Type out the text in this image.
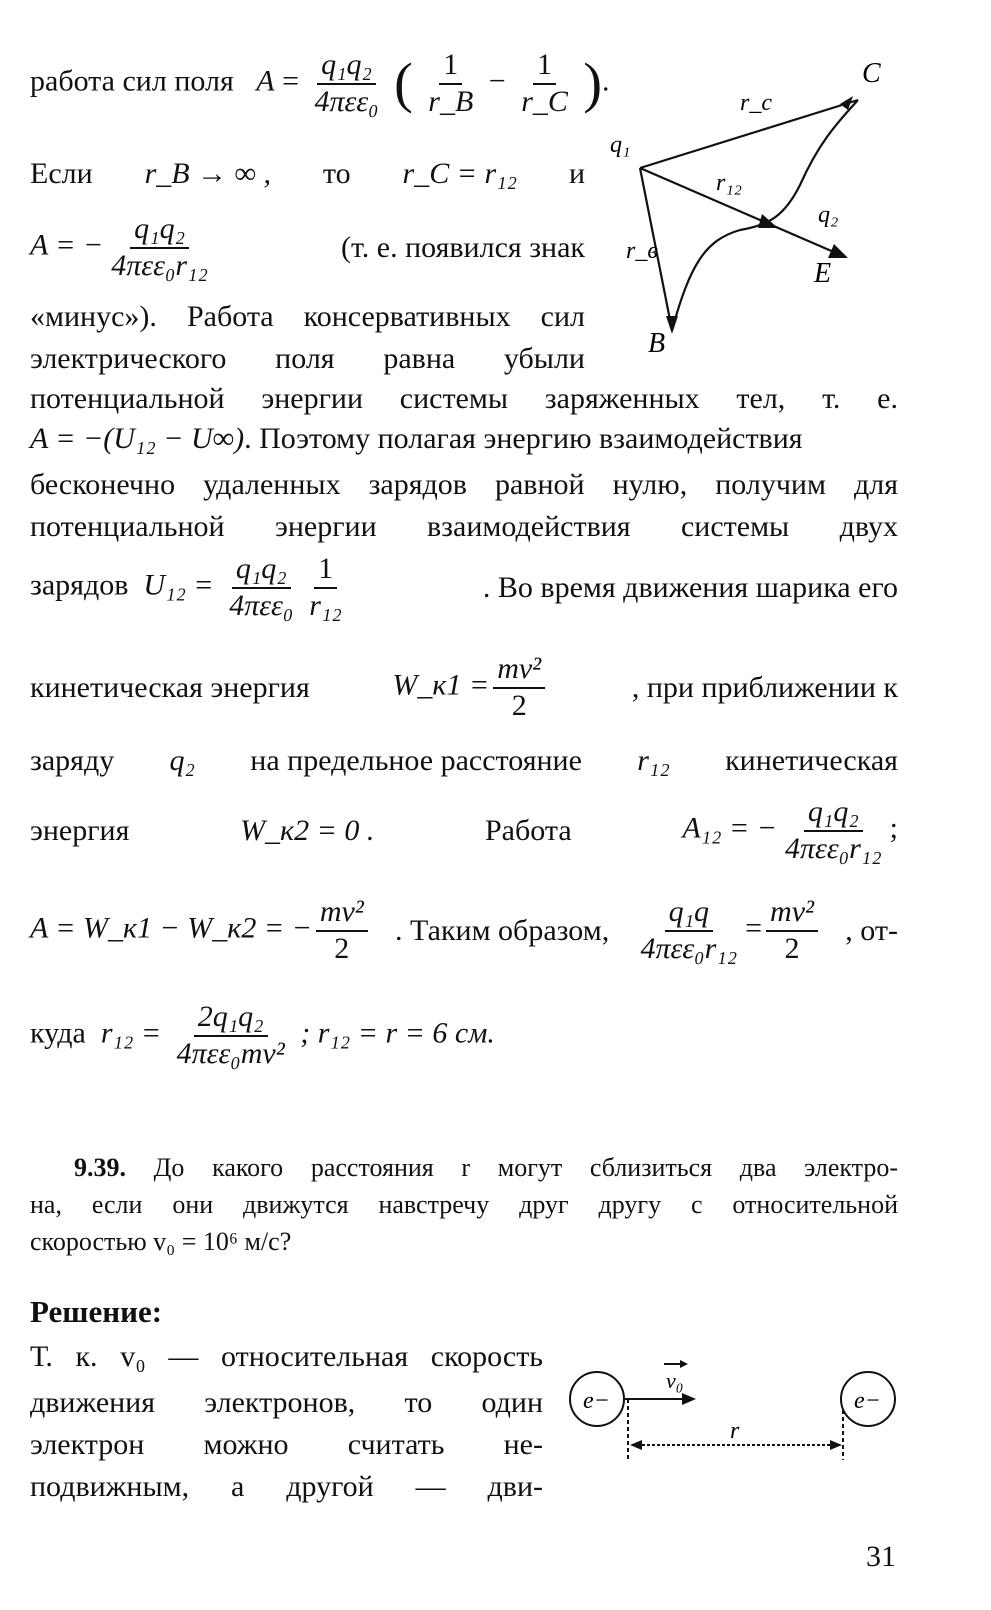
работа сил поля $A = \frac{\text{q₁q₂}}{\text{4πεε₀}}$ ( $\frac{1}{r\_B} - \frac{1}{r\_C}$ ).
Если r_B → ∞ , то r_C = r₁₂ и
A = − $\frac{\text{q₁q₂}}{\text{4πεε₀r₁₂}}$	(т. е. появился знак
«минус»). Работа консервативных сил
электрического поля равна убыли
потенциальной энергии системы заряженных тел, т. е.
A = −(U₁₂ − U∞). Поэтому полагая энергию взаимодействия
бесконечно удаленных зарядов равной нулю, получим для
потенциальной энергии взаимодействия системы двух
зарядов $U_{12} = \frac{\text{q₁q₂}}{\text{4πεε₀}} \frac{1}{\text{r₁₂}}$	. Во время движения шарика его
кинетическая энергия	W_к1 = $\frac{\text{mv²}}{2}$	, при приближении к
заряду q₂ на предельное расстояние r₁₂ кинетическая
энергия	W_к2 = 0 .	Работа	A₁₂ = − $\frac{\text{q₁q₂}}{\text{4πεε₀r₁₂}}$ ;
A = W_к1 − W_к2 = − $\frac{\text{mv²}}{2}$ . Таким образом, $\frac{\text{q₁q}}{\text{4πεε₀r₁₂}} = \frac{\text{mv²}}{2}$ , от-
куда $r_{12} = \frac{\text{2q₁q₂}}{\text{4πεε₀mv²}}$ ; r₁₂ = r = 6 см.
9.39. До какого расстояния r могут сблизиться два электро-
на, если они движутся навстречу друг другу с относительной
скоростью v₀ = 10⁶ м/с?
Решение:
Т. к. v₀ — относительная скорость
движения электронов, то один
электрон можно считать не-
подвижным, а другой — дви-
C
r_c
q₁
r₁₂
q₂
r_в
E
B
e−	e−
v₀
r
31
